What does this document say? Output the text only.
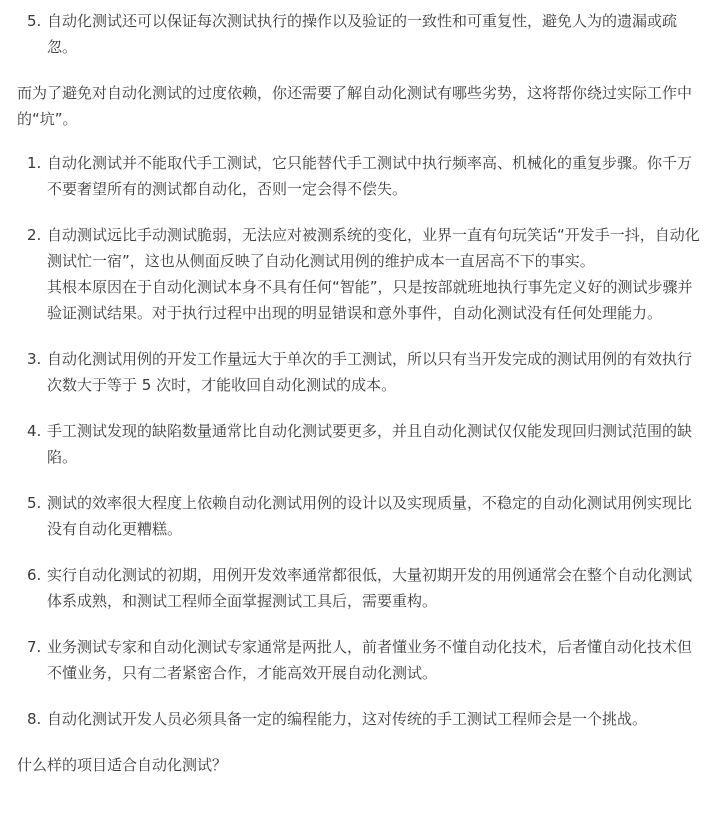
5. 自动化测试还可以保证每次测试执行的操作以及验证的一致性和可重复性，避免人为的遗漏或疏忽。

而为了避免对自动化测试的过度依赖，你还需要了解自动化测试有哪些劣势，这将帮你绕过实际工作中的“坑”。

1. 自动化测试并不能取代手工测试，它只能替代手工测试中执行频率高、机械化的重复步骤。你千万不要奢望所有的测试都自动化，否则一定会得不偿失。
2. 自动测试远比手动测试脆弱，无法应对被测系统的变化，业界一直有句玩笑话“开发手一抖，自动化测试忙一宿”，这也从侧面反映了自动化测试用例的维护成本一直居高不下的事实。
其根本原因在于自动化测试本身不具有任何“智能”，只是按部就班地执行事先定义好的测试步骤并验证测试结果。对于执行过程中出现的明显错误和意外事件，自动化测试没有任何处理能力。
3. 自动化测试用例的开发工作量远大于单次的手工测试，所以只有当开发完成的测试用例的有效执行次数大于等于 5 次时，才能收回自动化测试的成本。
4. 手工测试发现的缺陷数量通常比自动化测试要更多，并且自动化测试仅仅能发现回归测试范围的缺陷。
5. 测试的效率很大程度上依赖自动化测试用例的设计以及实现质量，不稳定的自动化测试用例实现比没有自动化更糟糕。
6. 实行自动化测试的初期，用例开发效率通常都很低，大量初期开发的用例通常会在整个自动化测试体系成熟，和测试工程师全面掌握测试工具后，需要重构。
7. 业务测试专家和自动化测试专家通常是两批人，前者懂业务不懂自动化技术，后者懂自动化技术但不懂业务，只有二者紧密合作，才能高效开展自动化测试。
8. 自动化测试开发人员必须具备一定的编程能力，这对传统的手工测试工程师会是一个挑战。

什么样的项目适合自动化测试？
